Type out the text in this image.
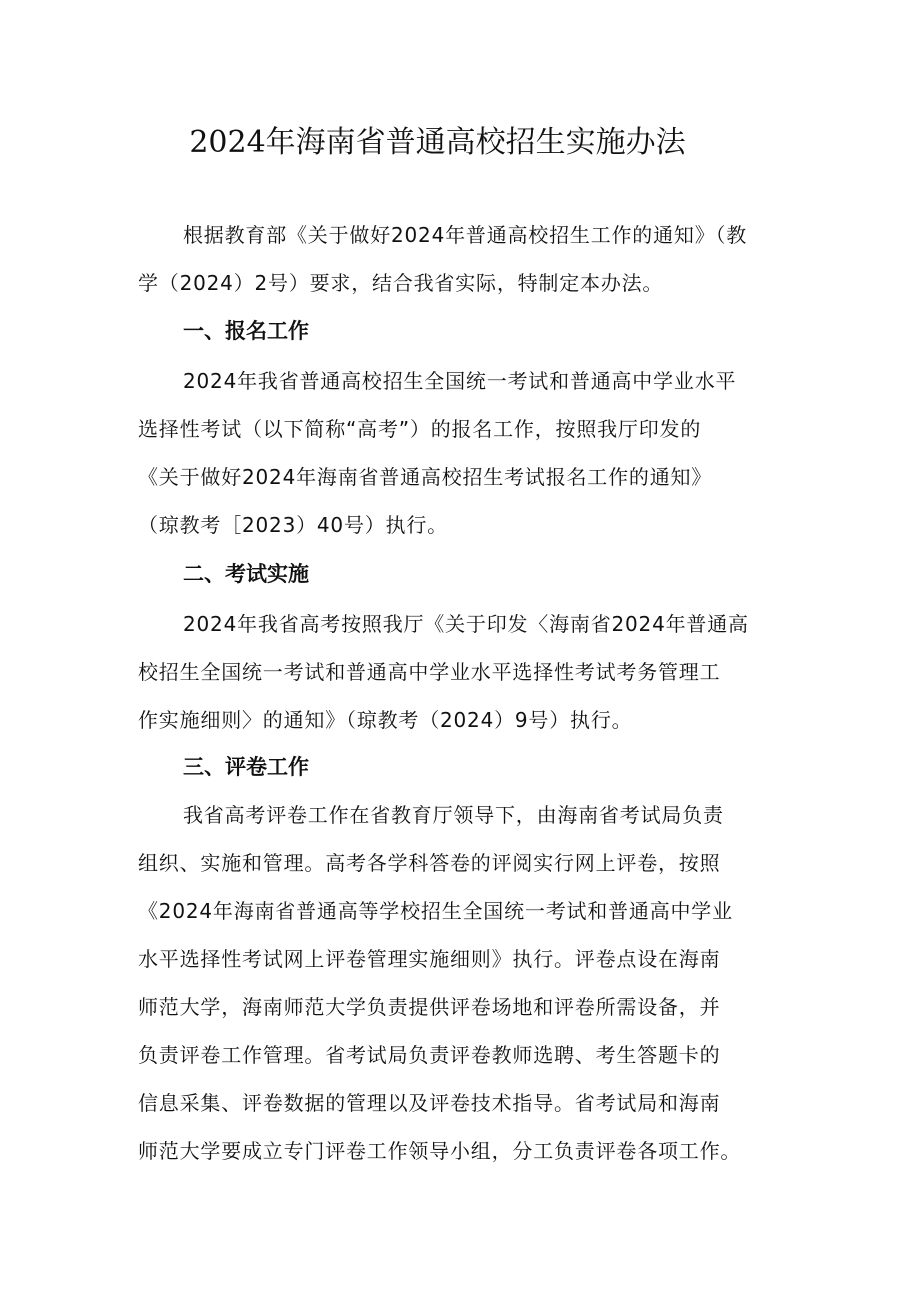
2024年海南省普通高校招生实施办法
根据教育部《关于做好2024年普通高校招生工作的通知》（教
学（2024）2号）要求，结合我省实际，特制定本办法。
一、报名工作
2024年我省普通高校招生全国统一考试和普通高中学业水平
选择性考试（以下简称“高考”）的报名工作，按照我厅印发的
《关于做好2024年海南省普通高校招生考试报名工作的通知》
（琼教考［2023）40号）执行。
二、考试实施
2024年我省高考按照我厅《关于印发〈海南省2024年普通高
校招生全国统一考试和普通高中学业水平选择性考试考务管理工
作实施细则〉的通知》（琼教考（2024）9号）执行。
三、评卷工作
我省高考评卷工作在省教育厅领导下，由海南省考试局负责
组织、实施和管理。高考各学科答卷的评阅实行网上评卷，按照
《2024年海南省普通高等学校招生全国统一考试和普通高中学业
水平选择性考试网上评卷管理实施细则》执行。评卷点设在海南
师范大学，海南师范大学负责提供评卷场地和评卷所需设备，并
负责评卷工作管理。省考试局负责评卷教师选聘、考生答题卡的
信息采集、评卷数据的管理以及评卷技术指导。省考试局和海南
师范大学要成立专门评卷工作领导小组，分工负责评卷各项工作。
